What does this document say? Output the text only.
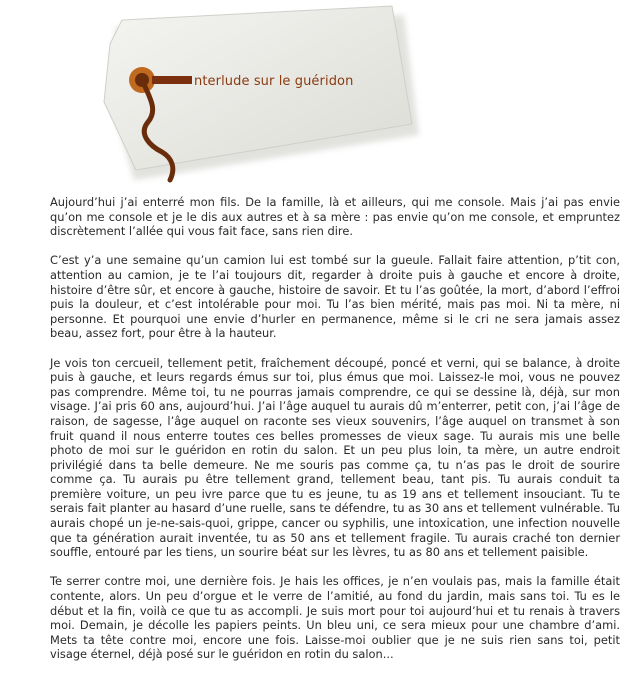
nterlude sur le guéridon

Aujourd’hui j’ai enterré mon fils. De la famille, là et ailleurs, qui me console. Mais j’ai pas envie qu’on me console et je le dis aux autres et à sa mère : pas envie qu’on me console, et empruntez discrètement l’allée qui vous fait face, sans rien dire.

C’est y’a une semaine qu’un camion lui est tombé sur la gueule. Fallait faire attention, p’tit con, attention au camion, je te l’ai toujours dit, regarder à droite puis à gauche et encore à droite, histoire d’être sûr, et encore à gauche, histoire de savoir. Et tu l’as goûtée, la mort, d’abord l’effroi puis la douleur, et c’est intolérable pour moi. Tu l’as bien mérité, mais pas moi. Ni ta mère, ni personne. Et pourquoi une envie d’hurler en permanence, même si le cri ne sera jamais assez beau, assez fort, pour être à la hauteur.

Je vois ton cercueil, tellement petit, fraîchement découpé, poncé et verni, qui se balance, à droite puis à gauche, et leurs regards émus sur toi, plus émus que moi. Laissez-le moi, vous ne pouvez pas comprendre. Même toi, tu ne pourras jamais comprendre, ce qui se dessine là, déjà, sur mon visage. J’ai pris 60 ans, aujourd’hui. J’ai l’âge auquel tu aurais dû m’enterrer, petit con, j’ai l’âge de raison, de sagesse, l’âge auquel on raconte ses vieux souvenirs, l’âge auquel on transmet à son fruit quand il nous enterre toutes ces belles promesses de vieux sage. Tu aurais mis une belle photo de moi sur le guéridon en rotin du salon. Et un peu plus loin, ta mère, un autre endroit privilégié dans ta belle demeure. Ne me souris pas comme ça, tu n’as pas le droit de sourire comme ça. Tu aurais pu être tellement grand, tellement beau, tant pis. Tu aurais conduit ta première voiture, un peu ivre parce que tu es jeune, tu as 19 ans et tellement insouciant. Tu te serais fait planter au hasard d’une ruelle, sans te défendre, tu as 30 ans et tellement vulnérable. Tu aurais chopé un je-ne-sais-quoi, grippe, cancer ou syphilis, une intoxication, une infection nouvelle que ta génération aurait inventée, tu as 50 ans et tellement fragile. Tu aurais craché ton dernier souffle, entouré par les tiens, un sourire béat sur les lèvres, tu as 80 ans et tellement paisible.

Te serrer contre moi, une dernière fois. Je hais les offices, je n’en voulais pas, mais la famille était contente, alors. Un peu d’orgue et le verre de l’amitié, au fond du jardin, mais sans toi. Tu es le début et la fin, voilà ce que tu as accompli. Je suis mort pour toi aujourd’hui et tu renais à travers moi. Demain, je décolle les papiers peints. Un bleu uni, ce sera mieux pour une chambre d’ami. Mets ta tête contre moi, encore une fois. Laisse-moi oublier que je ne suis rien sans toi, petit visage éternel, déjà posé sur le guéridon en rotin du salon...
